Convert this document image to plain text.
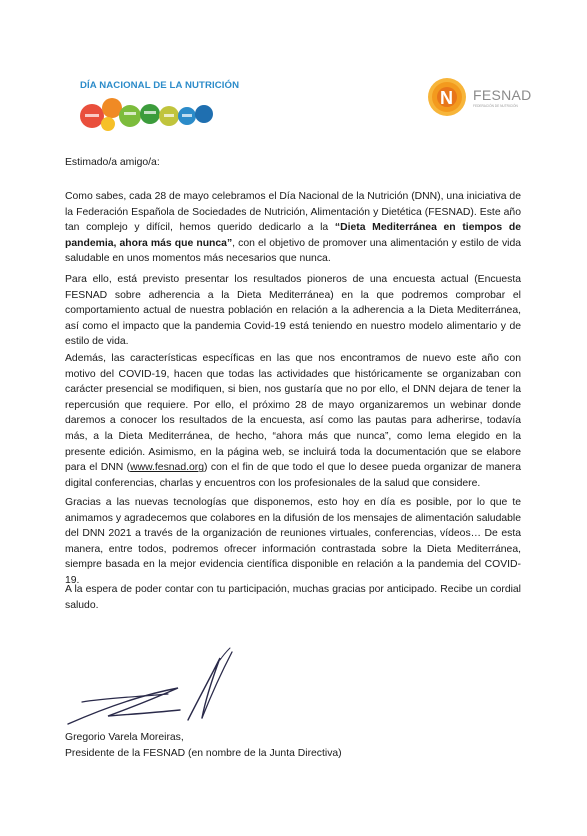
DÍA NACIONAL DE LA NUTRICIÓN
N FESNAD
FEDERACIÓN DE NUTRICIÓN
Estimado/a amigo/a:

Como sabes, cada 28 de mayo celebramos el Día Nacional de la Nutrición (DNN), una iniciativa de la Federación Española de Sociedades de Nutrición, Alimentación y Dietética (FESNAD). Este año tan complejo y difícil, hemos querido dedicarlo a la “Dieta Mediterránea en tiempos de pandemia, ahora más que nunca”, con el objetivo de promover una alimentación y estilo de vida saludable en unos momentos más necesarios que nunca.

Para ello, está previsto presentar los resultados pioneros de una encuesta actual (Encuesta FESNAD sobre adherencia a la Dieta Mediterránea) en la que podremos comprobar el comportamiento actual de nuestra población en relación a la adherencia a la Dieta Mediterránea, así como el impacto que la pandemia Covid-19 está teniendo en nuestro modelo alimentario y de estilo de vida.

Además, las características específicas en las que nos encontramos de nuevo este año con motivo del COVID-19, hacen que todas las actividades que históricamente se organizaban con carácter presencial se modifiquen, si bien, nos gustaría que no por ello, el DNN dejara de tener la repercusión que requiere. Por ello, el próximo 28 de mayo organizaremos un webinar donde daremos a conocer los resultados de la encuesta, así como las pautas para adherirse, todavía más, a la Dieta Mediterránea, de hecho, “ahora más que nunca”, como lema elegido en la presente edición. Asimismo, en la página web, se incluirá toda la documentación que se elabore para el DNN (www.fesnad.org) con el fin de que todo el que lo desee pueda organizar de manera digital conferencias, charlas y encuentros con los profesionales de la salud que considere.

Gracias a las nuevas tecnologías que disponemos, esto hoy en día es posible, por lo que te animamos y agradecemos que colabores en la difusión de los mensajes de alimentación saludable del DNN 2021 a través de la organización de reuniones virtuales, conferencias, vídeos… De esta manera, entre todos, podremos ofrecer información contrastada sobre la Dieta Mediterránea, siempre basada en la mejor evidencia científica disponible en relación a la pandemia del COVID-19.

A la espera de poder contar con tu participación, muchas gracias por anticipado. Recibe un cordial saludo.

Gregorio Varela Moreiras,
Presidente de la FESNAD (en nombre de la Junta Directiva)
